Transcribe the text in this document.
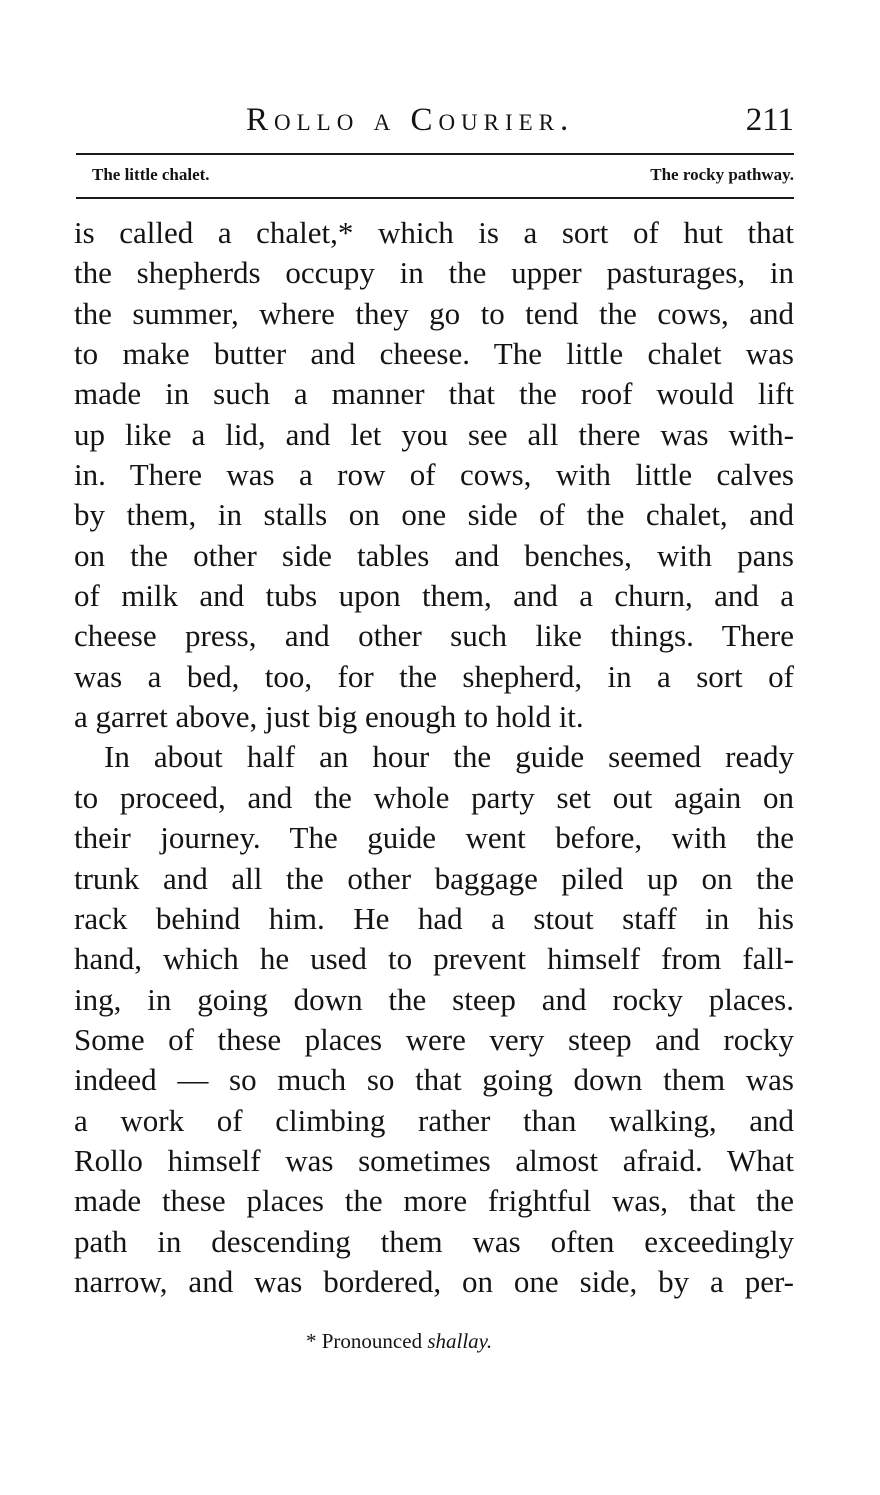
Rollo a Courier.	211
The little chalet.	The rocky pathway.
is called a chalet,* which is a sort of hut that
the shepherds occupy in the upper pasturages, in
the summer, where they go to tend the cows, and
to make butter and cheese. The little chalet was
made in such a manner that the roof would lift
up like a lid, and let you see all there was with-
in. There was a row of cows, with little calves
by them, in stalls on one side of the chalet, and
on the other side tables and benches, with pans
of milk and tubs upon them, and a churn, and a
cheese press, and other such like things. There
was a bed, too, for the shepherd, in a sort of
a garret above, just big enough to hold it.
In about half an hour the guide seemed ready
to proceed, and the whole party set out again on
their journey. The guide went before, with the
trunk and all the other baggage piled up on the
rack behind him. He had a stout staff in his
hand, which he used to prevent himself from fall-
ing, in going down the steep and rocky places.
Some of these places were very steep and rocky
indeed — so much so that going down them was
a work of climbing rather than walking, and
Rollo himself was sometimes almost afraid. What
made these places the more frightful was, that the
path in descending them was often exceedingly
narrow, and was bordered, on one side, by a per-
* Pronounced shallay.
